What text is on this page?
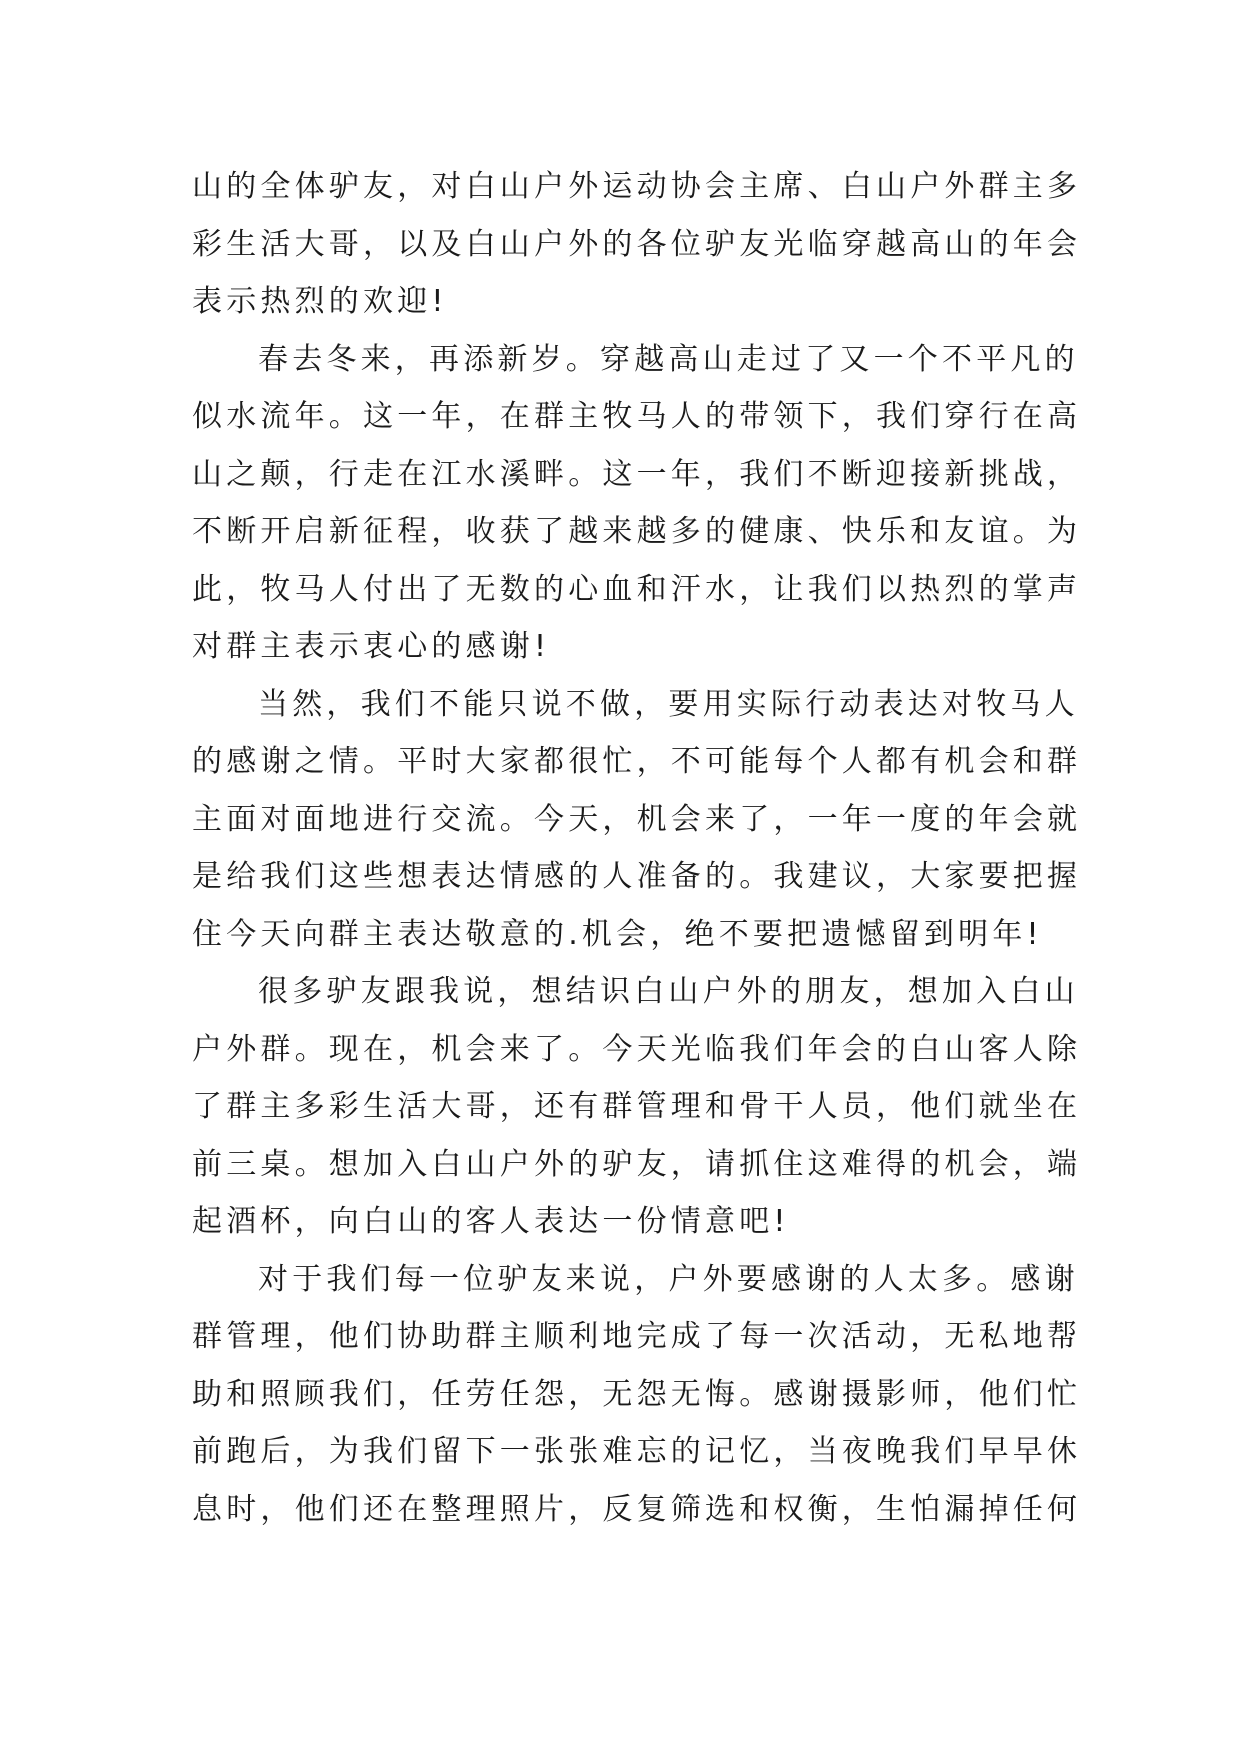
山的全体驴友，对白山户外运动协会主席、白山户外群主多
彩生活大哥，以及白山户外的各位驴友光临穿越高山的年会
表示热烈的欢迎!
春去冬来，再添新岁。穿越高山走过了又一个不平凡的
似水流年。这一年，在群主牧马人的带领下，我们穿行在高
山之颠，行走在江水溪畔。这一年，我们不断迎接新挑战，
不断开启新征程，收获了越来越多的健康、快乐和友谊。为
此，牧马人付出了无数的心血和汗水，让我们以热烈的掌声
对群主表示衷心的感谢!
当然，我们不能只说不做，要用实际行动表达对牧马人
的感谢之情。平时大家都很忙，不可能每个人都有机会和群
主面对面地进行交流。今天，机会来了，一年一度的年会就
是给我们这些想表达情感的人准备的。我建议，大家要把握
住今天向群主表达敬意的.机会，绝不要把遗憾留到明年!
很多驴友跟我说，想结识白山户外的朋友，想加入白山
户外群。现在，机会来了。今天光临我们年会的白山客人除
了群主多彩生活大哥，还有群管理和骨干人员，他们就坐在
前三桌。想加入白山户外的驴友，请抓住这难得的机会，端
起酒杯，向白山的客人表达一份情意吧!
对于我们每一位驴友来说，户外要感谢的人太多。感谢
群管理，他们协助群主顺利地完成了每一次活动，无私地帮
助和照顾我们，任劳任怨，无怨无悔。感谢摄影师，他们忙
前跑后，为我们留下一张张难忘的记忆，当夜晚我们早早休
息时，他们还在整理照片，反复筛选和权衡，生怕漏掉任何
